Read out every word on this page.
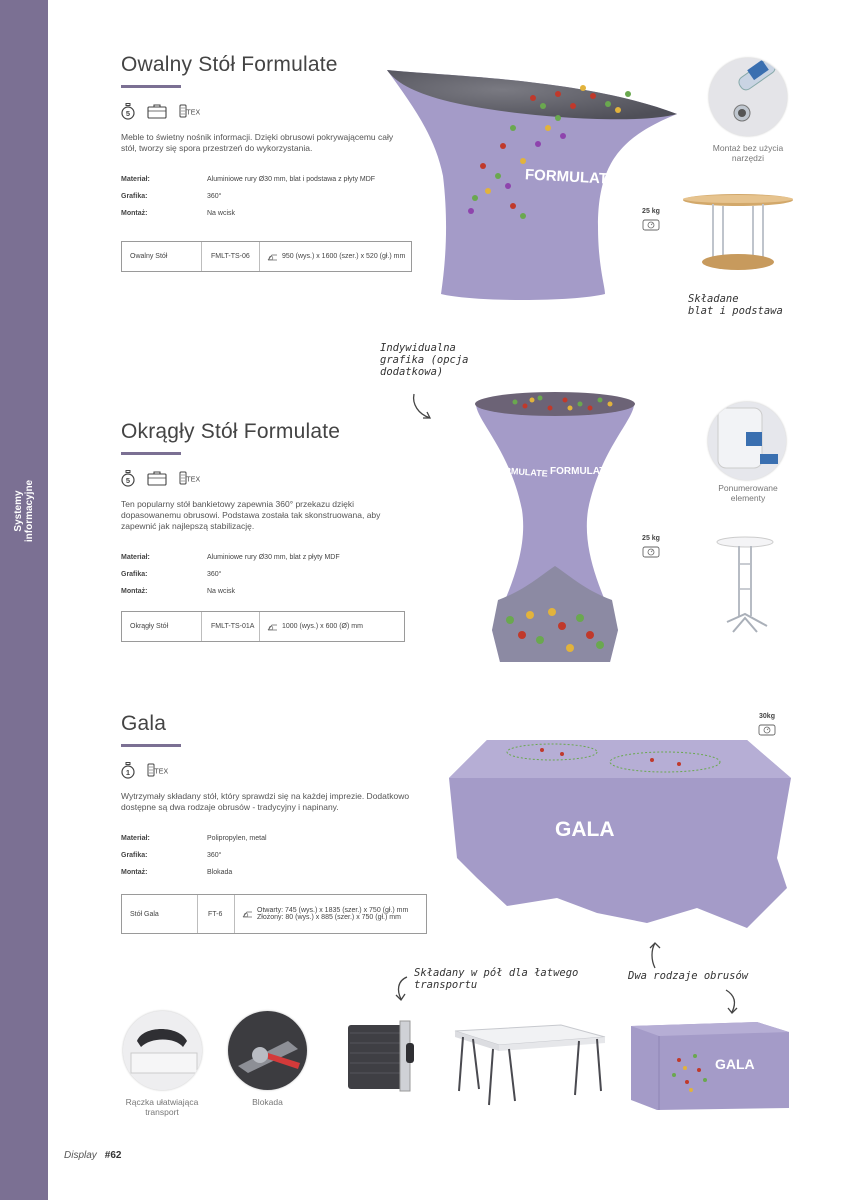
Systemy informacyjne
Owalny Stół Formulate
5	TEX

Meble to świetny nośnik informacji. Dzięki obrusowi pokrywającemu cały stół, tworzy się spora przestrzeń do wykorzystania.

Materiał:	Aluminiowe rury Ø30 mm, blat i podstawa z płyty MDF
Grafika:	360°
Montaż:	Na wcisk
Owalny Stół	FMLT-TS-06	950 (wys.) x 1600 (szer.) x 520 (gł.) mm
FORMULATE
Montaż bez użycia narzędzi
25 kg
Składane
blat i podstawa
Indywidualna
grafika (opcja
dodatkowa)
Okrągły Stół Formulate
5	TEX

Ten popularny stół bankietowy zapewnia 360° przekazu dzięki dopasowanemu obrusowi. Podstawa została tak skonstruowana, aby zapewnić jak najlepszą stabilizację.

Materiał:	Aluminiowe rury Ø30 mm, blat z płyty MDF
Grafika:	360°
Montaż:	Na wcisk
Okrągły Stół	FMLT-TS-01A	1000 (wys.) x 600 (Ø) mm
FORMULATE FORMULATE
Ponumerowane elementy
25 kg
Gala
1	TEX

Wytrzymały składany stół, który sprawdzi się na każdej imprezie. Dodatkowo dostępne są dwa rodzaje obrusów - tradycyjny i napinany.

Materiał:	Polipropylen, metal
Grafika:	360°
Montaż:	Blokada
Stół Gala	FT-6	Otwarty: 745 (wys.) x 1835 (szer.) x 750 (gł.) mm
Złożony: 80 (wys.) x 885 (szer.) x 750 (gł.) mm
30kg
GALA
Składany w pół dla łatwego
transportu
Dwa rodzaje obrusów
Rączka ułatwiająca transport
Blokada
GALA
Display #62
